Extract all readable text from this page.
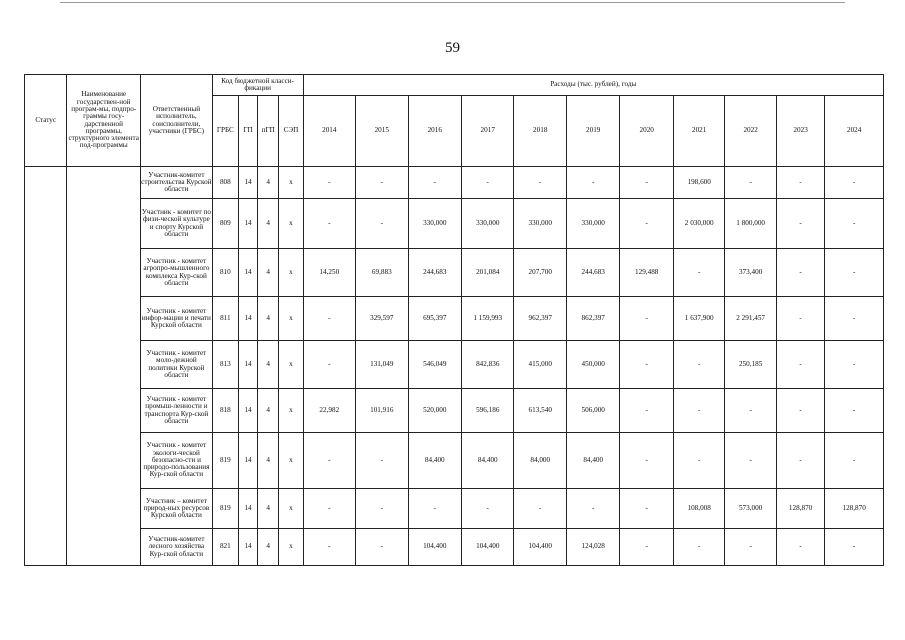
59
Статус	Наименование государствен-ной програм-мы, подпро-граммы госу-дарственной программы, структурного элемента под-программы	Ответственный исполнитель, соисполнители, участники (ГРБС)	Код бюджетной класси-фикации				Расходы (тыс. рублей), годы										
			ГРБС	ГП	пГП	СЭП	2014	2015	2016	2017	2018	2019	2020	2021	2022	2023	2024
		Участник-комитет строительства Курской области	808	14	4	х	-	-	-	-	-	-	-	198,600	-	-	-
		Участник - комитет по физи-ческой культуре и спорту Курской области	809	14	4	х	-	-	330,000	330,000	330,000	330,000	-	2 030,000	1 800,000	-	-
		Участник - комитет агропро-мышленного комплекса Кур-ской области	810	14	4	х	14,250	69,883	244,683	201,084	207,700	244,683	129,488	-	373,400	-	-
		Участник - комитет инфор-мации и печати Курской области	811	14	4	х	-	329,597	695,397	1 159,993	962,397	862,397	-	1 637,900	2 291,457	-	-
		Участник - комитет моло-дежной политики Курской области	813	14	4	х	-	131,049	546,049	842,836	415,000	450,000	-	-	250,185	-	-
		Участник - комитет промыш-ленности и транспорта Кур-ской области	818	14	4	х	22,982	101,916	520,000	596,186	613,540	506,000	-	-	-	-	-
		Участник - комитет экологи-ческой безопасно-сти и природо-пользования Кур-ской области	819	14	4	х	-	-	84,400	84,400	84,000	84,400	-	-	-	-	-
		Участник – комитет природ-ных ресурсов Курской области	819	14	4	х	-	-	-	-	-	-	-	108,008	573,000	128,870	128,870
		Участник-комитет лесного хозяйства Кур-ской области	821	14	4	х	-	-	104,400	104,400	104,400	124,028	-	-	-	-	-
